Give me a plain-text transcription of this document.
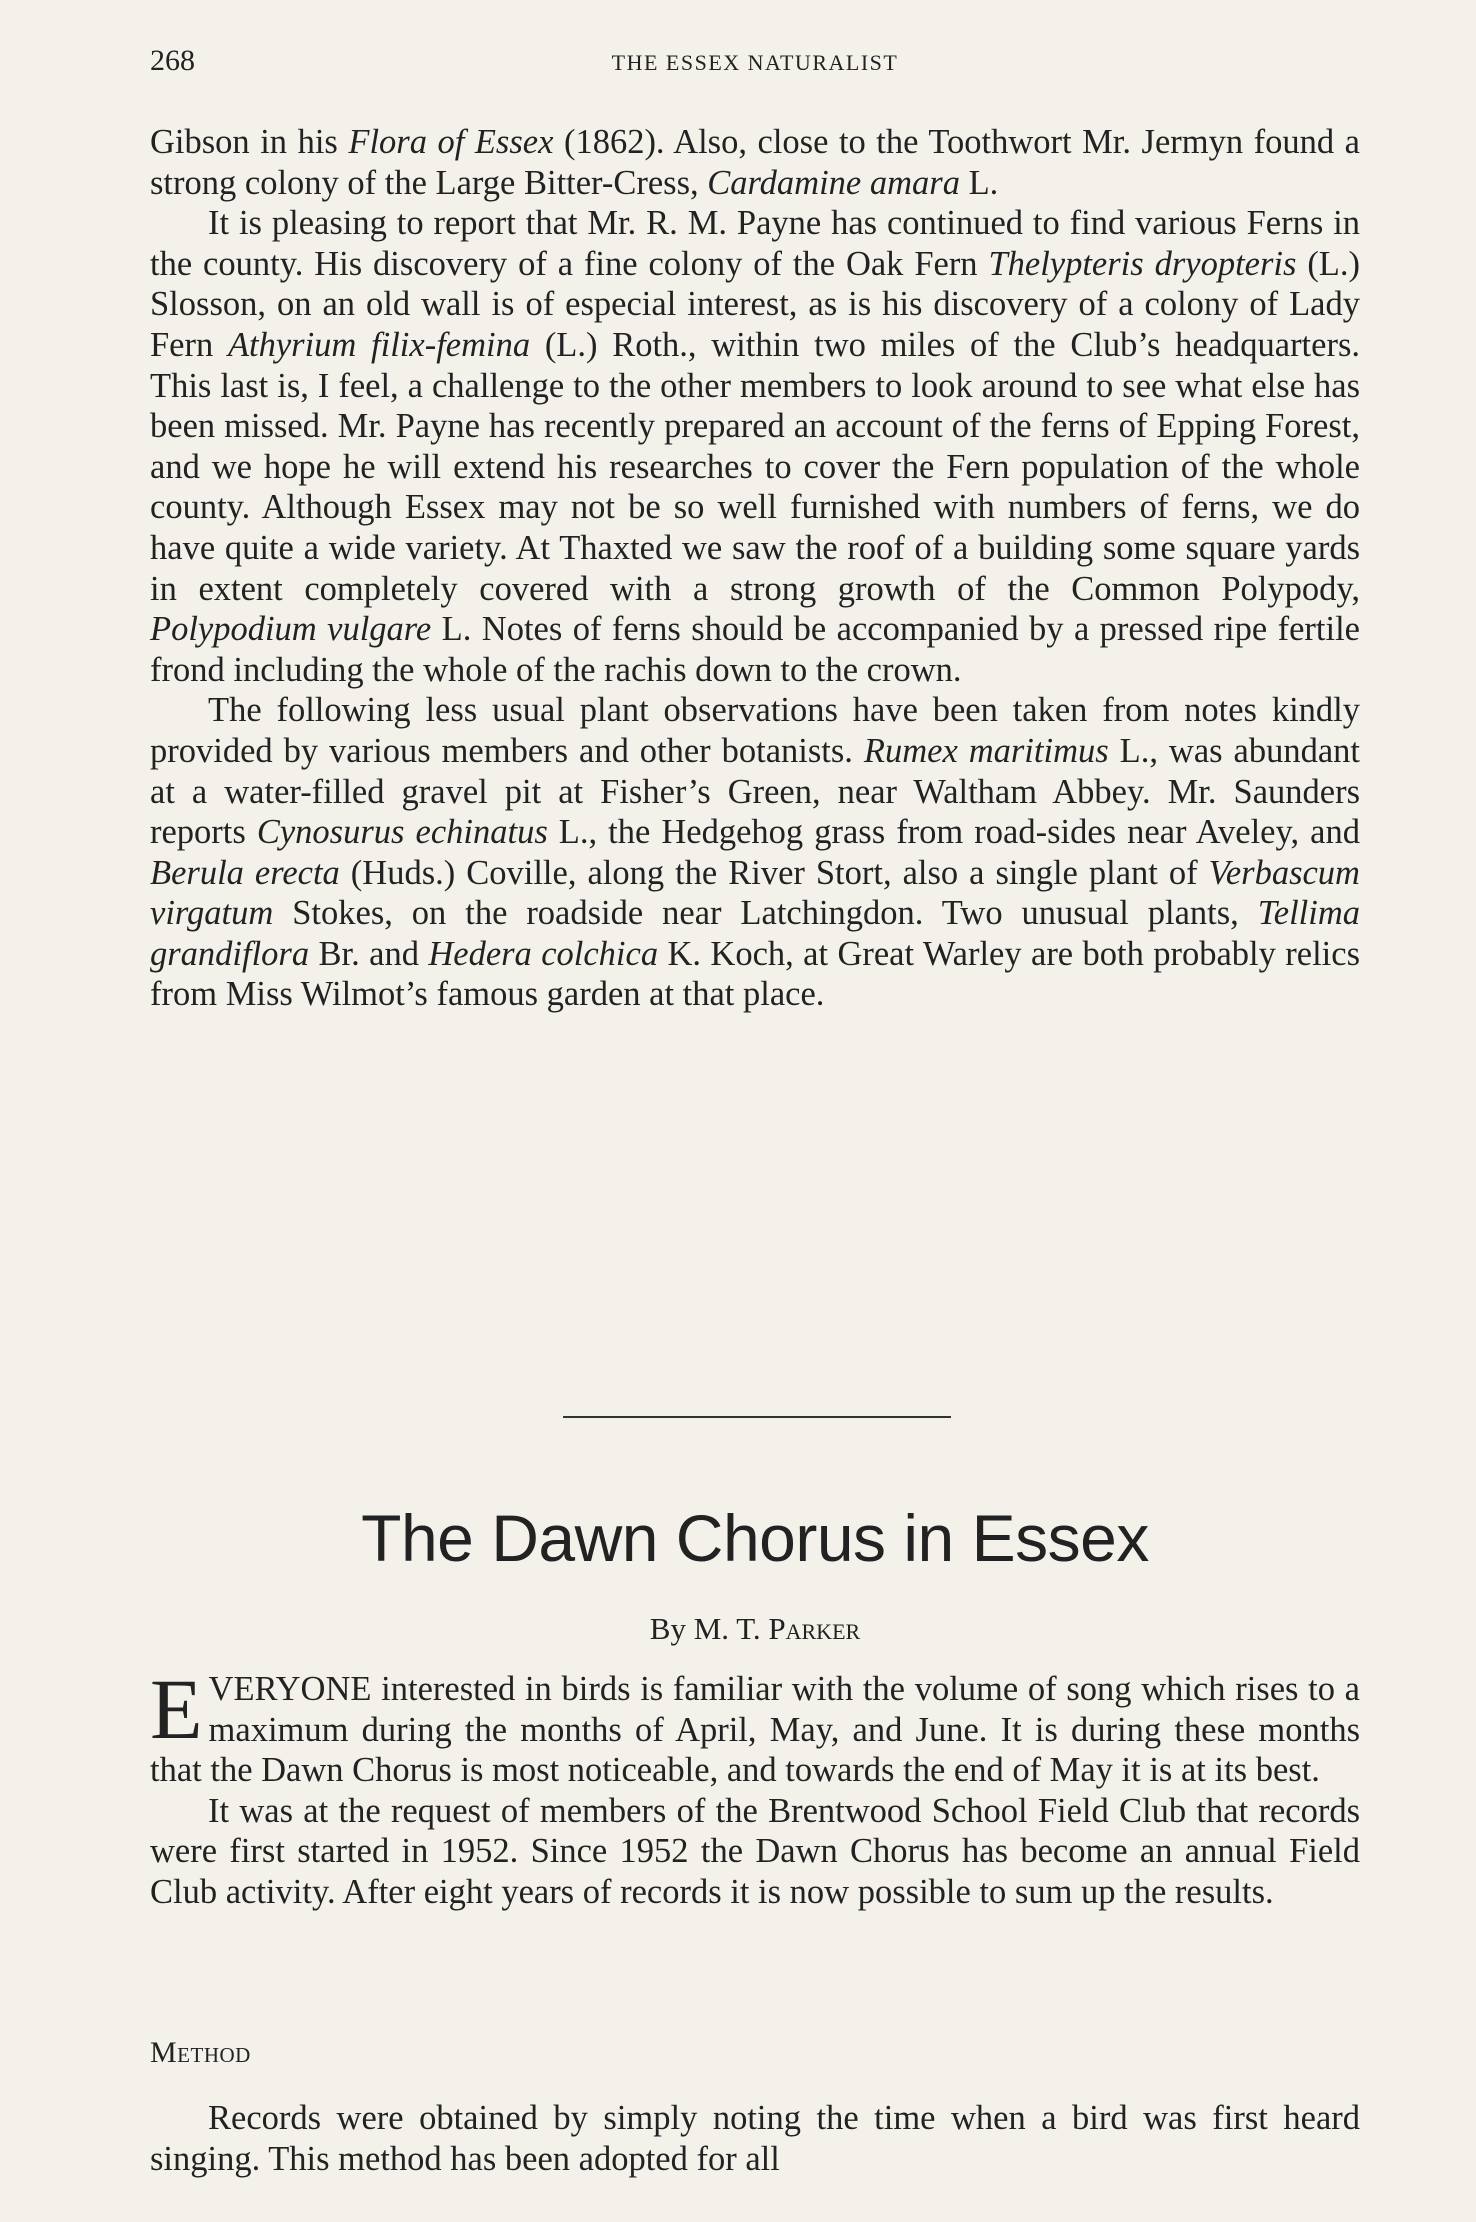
268	THE ESSEX NATURALIST

Gibson in his Flora of Essex (1862). Also, close to the Toothwort Mr. Jermyn found a strong colony of the Large Bitter-Cress, Cardamine amara L.

It is pleasing to report that Mr. R. M. Payne has continued to find various Ferns in the county. His discovery of a fine colony of the Oak Fern Thelypteris dryopteris (L.) Slosson, on an old wall is of especial interest, as is his discovery of a colony of Lady Fern Athyrium filix-femina (L.) Roth., within two miles of the Club’s headquarters. This last is, I feel, a challenge to the other members to look around to see what else has been missed. Mr. Payne has recently prepared an account of the ferns of Epping Forest, and we hope he will extend his researches to cover the Fern population of the whole county. Although Essex may not be so well furnished with numbers of ferns, we do have quite a wide variety. At Thaxted we saw the roof of a building some square yards in extent completely covered with a strong growth of the Common Polypody, Polypodium vulgare L. Notes of ferns should be accompanied by a pressed ripe fertile frond including the whole of the rachis down to the crown.

The following less usual plant observations have been taken from notes kindly provided by various members and other botanists. Rumex maritimus L., was abundant at a water-filled gravel pit at Fisher’s Green, near Waltham Abbey. Mr. Saunders reports Cynosurus echinatus L., the Hedgehog grass from road-sides near Aveley, and Berula erecta (Huds.) Coville, along the River Stort, also a single plant of Verbascum virgatum Stokes, on the roadside near Latchingdon. Two unusual plants, Tellima grandiflora Br. and Hedera colchica K. Koch, at Great Warley are both probably relics from Miss Wilmot’s famous garden at that place.

The Dawn Chorus in Essex
By M. T. Parker

EVERYONE interested in birds is familiar with the volume of song which rises to a maximum during the months of April, May, and June. It is during these months that the Dawn Chorus is most noticeable, and towards the end of May it is at its best.

It was at the request of members of the Brentwood School Field Club that records were first started in 1952. Since 1952 the Dawn Chorus has become an annual Field Club activity. After eight years of records it is now possible to sum up the results.

Method

Records were obtained by simply noting the time when a bird was first heard singing. This method has been adopted for all
